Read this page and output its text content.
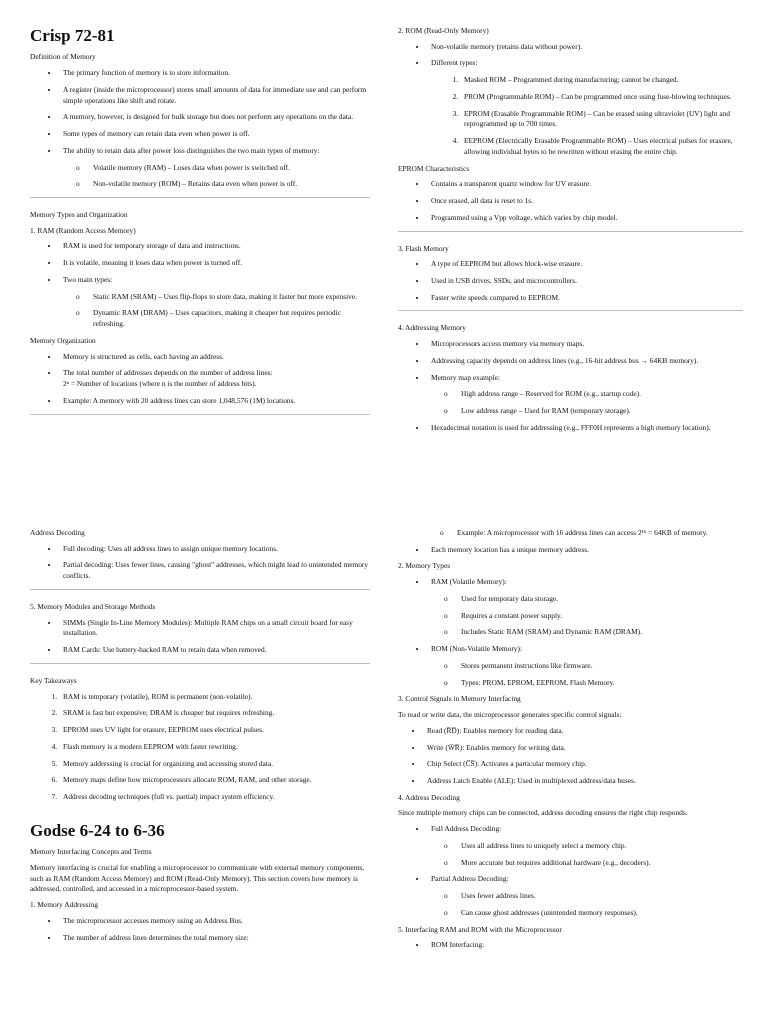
Crisp 72-81

Definition of Memory

• The primary function of memory is to store information.
• A register (inside the microprocessor) stores small amounts of data for immediate use and can perform simple operations like shift and rotate.
• A memory, however, is designed for bulk storage but does not perform any operations on the data.
• Some types of memory can retain data even when power is off.
• The ability to retain data after power loss distinguishes the two main types of memory:
o Volatile memory (RAM) – Loses data when power is switched off.
o Non-volatile memory (ROM) – Retains data even when power is off.

Memory Types and Organization

1. RAM (Random Access Memory)

• RAM is used for temporary storage of data and instructions.
• It is volatile, meaning it loses data when power is turned off.
• Two main types:
o Static RAM (SRAM) – Uses flip-flops to store data, making it faster but more expensive.
o Dynamic RAM (DRAM) – Uses capacitors, making it cheaper but requires periodic refreshing.

Memory Organization

• Memory is structured as cells, each having an address.
• The total number of addresses depends on the number of address lines:
2ⁿ = Number of locations (where n is the number of address bits).
• Example: A memory with 20 address lines can store 1,048,576 (1M) locations.

2. ROM (Read-Only Memory)

• Non-volatile memory (retains data without power).
• Different types:
1. Masked ROM – Programmed during manufacturing; cannot be changed.
2. PROM (Programmable ROM) – Can be programmed once using fuse-blowing techniques.
3. EPROM (Erasable Programmable ROM) – Can be erased using ultraviolet (UV) light and reprogrammed up to 700 times.
4. EEPROM (Electrically Erasable Programmable ROM) – Uses electrical pulses for erasure, allowing individual bytes to be rewritten without erasing the entire chip.

EPROM Characteristics

• Contains a transparent quartz window for UV erasure.
• Once erased, all data is reset to 1s.
• Programmed using a Vpp voltage, which varies by chip model.

3. Flash Memory

• A type of EEPROM but allows block-wise erasure.
• Used in USB drives, SSDs, and microcontrollers.
• Faster write speeds compared to EEPROM.

4. Addressing Memory

• Microprocessors access memory via memory maps.
• Addressing capacity depends on address lines (e.g., 16-bit address bus → 64KB memory).
• Memory map example:
o High address range – Reserved for ROM (e.g., startup code).
o Low address range – Used for RAM (temporary storage).
• Hexadecimal notation is used for addressing (e.g., FFF0H represents a high memory location).

Address Decoding

• Full decoding: Uses all address lines to assign unique memory locations.
• Partial decoding: Uses fewer lines, causing "ghost" addresses, which might lead to unintended memory conflicts.

5. Memory Modules and Storage Methods

• SIMMs (Single In-Line Memory Modules): Multiple RAM chips on a small circuit board for easy installation.
• RAM Cards: Use battery-backed RAM to retain data when removed.

Key Takeaways

1. RAM is temporary (volatile), ROM is permanent (non-volatile).
2. SRAM is fast but expensive; DRAM is cheaper but requires refreshing.
3. EPROM uses UV light for erasure, EEPROM uses electrical pulses.
4. Flash memory is a modern EEPROM with faster rewriting.
5. Memory addressing is crucial for organizing and accessing stored data.
6. Memory maps define how microprocessors allocate ROM, RAM, and other storage.
7. Address decoding techniques (full vs. partial) impact system efficiency.
Godse 6-24 to 6-36

Memory Interfacing Concepts and Terms

Memory interfacing is crucial for enabling a microprocessor to communicate with external memory components, such as RAM (Random Access Memory) and ROM (Read-Only Memory). This section covers how memory is addressed, controlled, and accessed in a microprocessor-based system.

1. Memory Addressing

• The microprocessor accesses memory using an Address Bus.
• The number of address lines determines the total memory size:
o Example: A microprocessor with 16 address lines can access 2¹⁶ = 64KB of memory.
• Each memory location has a unique memory address.

2. Memory Types

• RAM (Volatile Memory):
o Used for temporary data storage.
o Requires a constant power supply.
o Includes Static RAM (SRAM) and Dynamic RAM (DRAM).
• ROM (Non-Volatile Memory):
o Stores permanent instructions like firmware.
o Types: PROM, EPROM, EEPROM, Flash Memory.

3. Control Signals in Memory Interfacing

To read or write data, the microprocessor generates specific control signals:

• Read (R̅D̅): Enables memory for reading data.
• Write (W̅R̅): Enables memory for writing data.
• Chip Select (C̅S̅): Activates a particular memory chip.
• Address Latch Enable (ALE): Used in multiplexed address/data buses.

4. Address Decoding

Since multiple memory chips can be connected, address decoding ensures the right chip responds.

• Full Address Decoding:
o Uses all address lines to uniquely select a memory chip.
o More accurate but requires additional hardware (e.g., decoders).
• Partial Address Decoding:
o Uses fewer address lines.
o Can cause ghost addresses (unintended memory responses).

5. Interfacing RAM and ROM with the Microprocessor

• ROM Interfacing:
